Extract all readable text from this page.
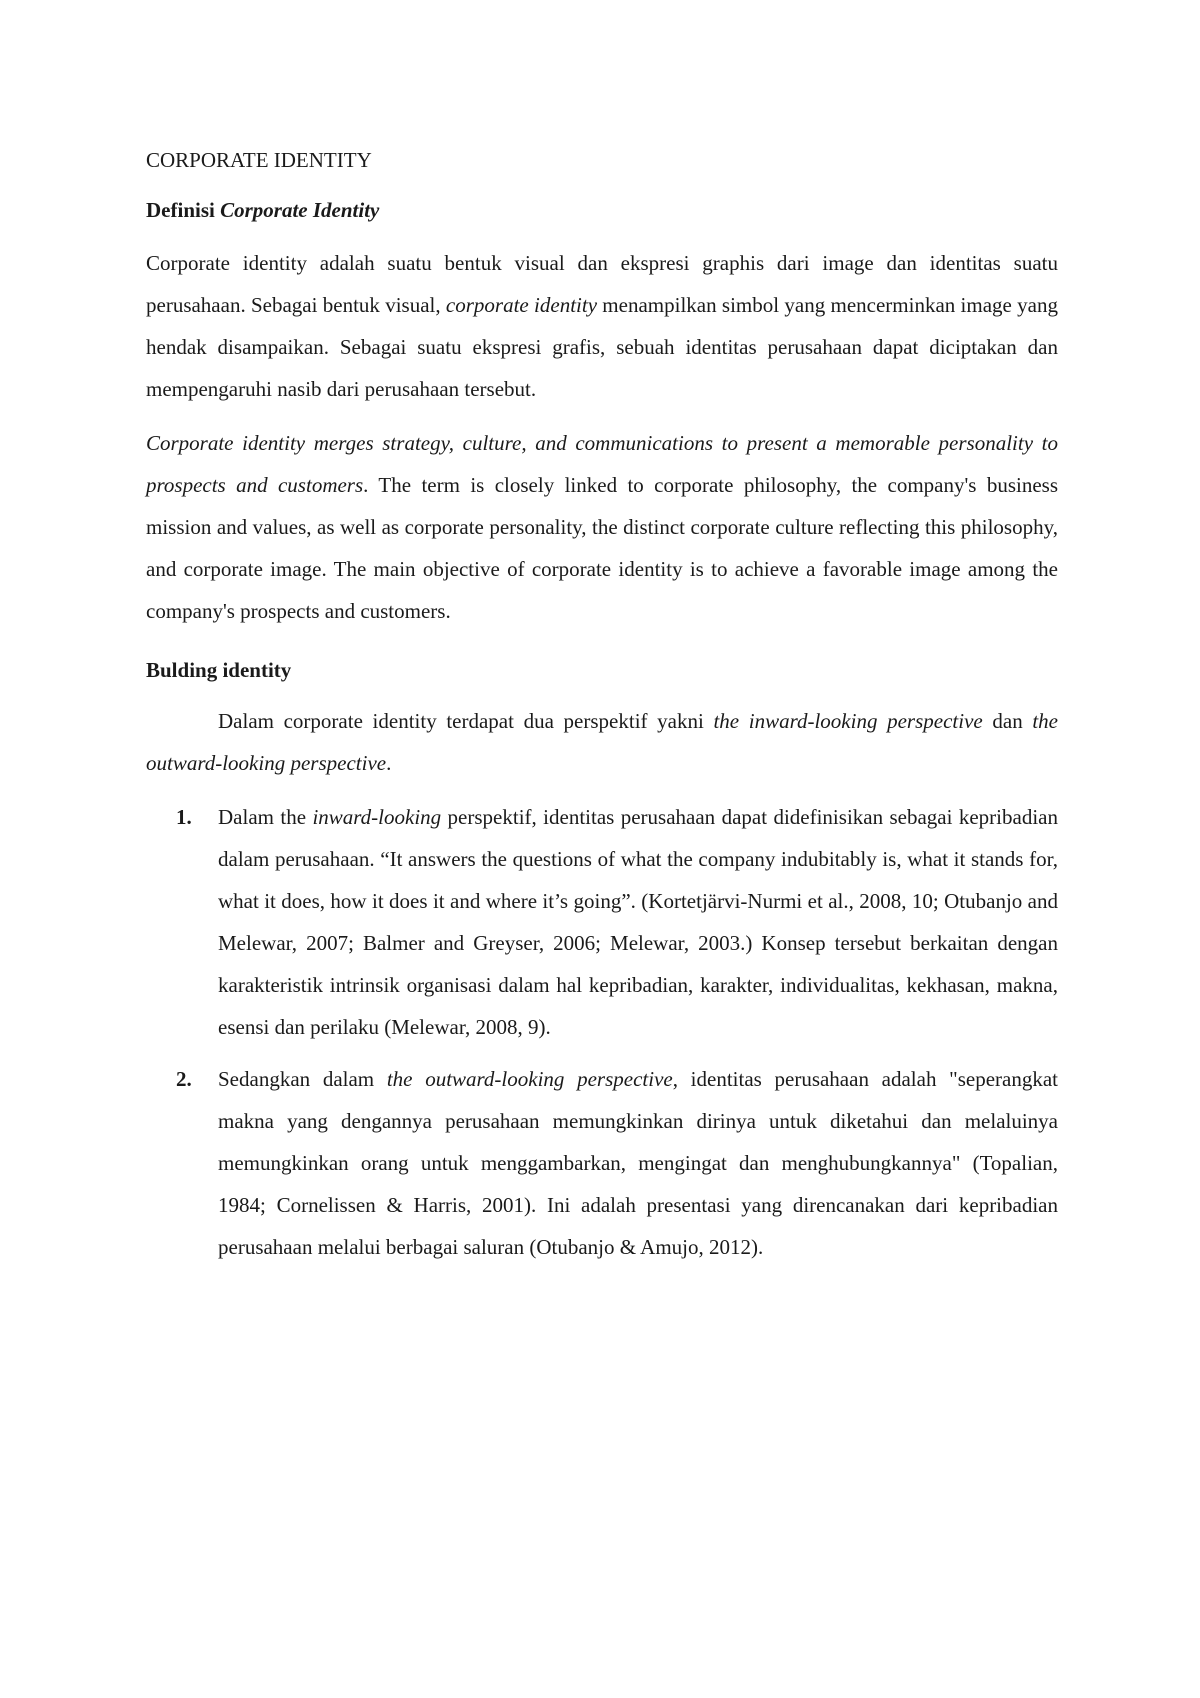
CORPORATE IDENTITY
Definisi Corporate Identity

Corporate identity adalah suatu bentuk visual dan ekspresi graphis dari image dan identitas suatu perusahaan. Sebagai bentuk visual, corporate identity menampilkan simbol yang mencerminkan image yang hendak disampaikan. Sebagai suatu ekspresi grafis, sebuah identitas perusahaan dapat diciptakan dan mempengaruhi nasib dari perusahaan tersebut.

Corporate identity merges strategy, culture, and communications to present a memorable personality to prospects and customers. The term is closely linked to corporate philosophy, the company's business mission and values, as well as corporate personality, the distinct corporate culture reflecting this philosophy, and corporate image. The main objective of corporate identity is to achieve a favorable image among the company's prospects and customers.

Bulding identity

Dalam corporate identity terdapat dua perspektif yakni the inward-looking perspective dan the outward-looking perspective.

1. Dalam the inward-looking perspektif, identitas perusahaan dapat didefinisikan sebagai kepribadian dalam perusahaan. “It answers the questions of what the company indubitably is, what it stands for, what it does, how it does it and where it’s going”. (Kortetjärvi-Nurmi et al., 2008, 10; Otubanjo and Melewar, 2007; Balmer and Greyser, 2006; Melewar, 2003.) Konsep tersebut berkaitan dengan karakteristik intrinsik organisasi dalam hal kepribadian, karakter, individualitas, kekhasan, makna, esensi dan perilaku (Melewar, 2008, 9).
2. Sedangkan dalam the outward-looking perspective, identitas perusahaan adalah "seperangkat makna yang dengannya perusahaan memungkinkan dirinya untuk diketahui dan melaluinya memungkinkan orang untuk menggambarkan, mengingat dan menghubungkannya" (Topalian, 1984; Cornelissen & Harris, 2001). Ini adalah presentasi yang direncanakan dari kepribadian perusahaan melalui berbagai saluran (Otubanjo & Amujo, 2012).
